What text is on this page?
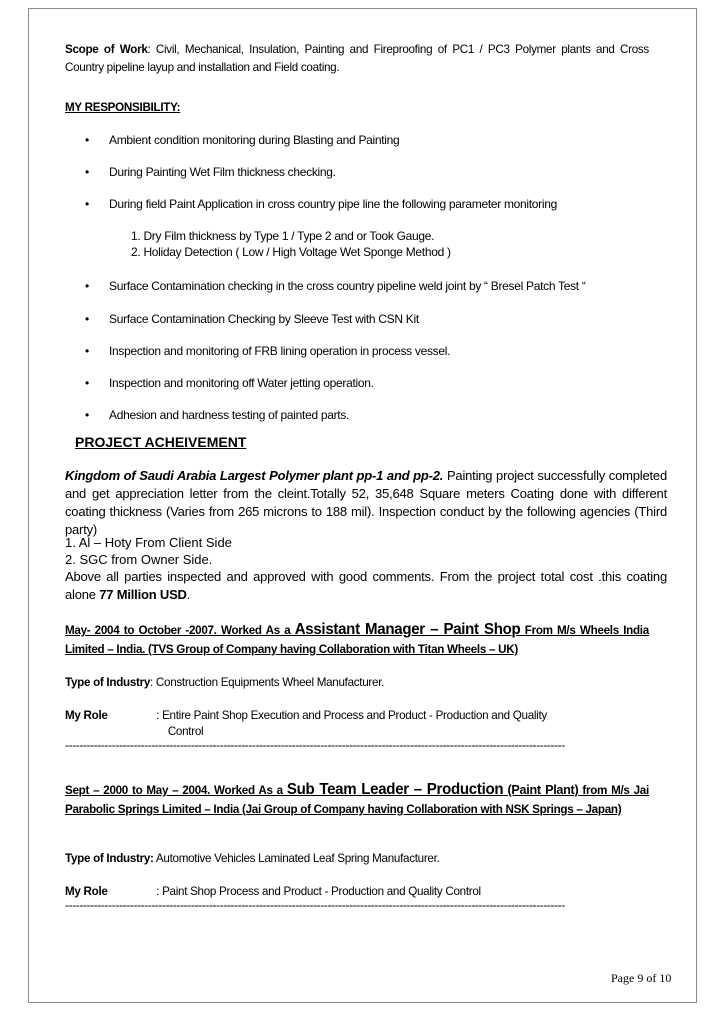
Page 9 of 10

Scope of Work: Civil, Mechanical, Insulation, Painting and Fireproofing of PC1 / PC3 Polymer plants and Cross Country pipeline layup and installation and Field coating.

MY RESPONSIBILITY:

• Ambient condition monitoring during Blasting and Painting
• During Painting Wet Film thickness checking.
• During field Paint Application in cross country pipe line the following parameter monitoring
1. Dry Film thickness by Type 1 / Type 2 and or Took Gauge.
2. Holiday Detection ( Low / High Voltage Wet Sponge Method )
• Surface Contamination checking in the cross country pipeline weld joint by “ Bresel Patch Test “
• Surface Contamination Checking by Sleeve Test with CSN Kit
• Inspection and monitoring of FRB lining operation in process vessel.
• Inspection and monitoring off Water jetting operation.
• Adhesion and hardness testing of painted parts.

PROJECT ACHEIVEMENT

Kingdom of Saudi Arabia Largest Polymer plant pp-1 and pp-2. Painting project successfully completed and get appreciation letter from the cleint.Totally 52, 35,648 Square meters Coating done with different coating thickness (Varies from 265 microns to 188 mil). Inspection conduct by the following agencies (Third party)

1. Al – Hoty From Client Side

2. SGC from Owner Side.

Above all parties inspected and approved with good comments. From the project total cost .this coating alone 77 Million USD.

May- 2004 to October -2007. Worked As a Assistant Manager – Paint Shop From M/s Wheels India Limited – India. (TVS Group of Company having Collaboration with Titan Wheels – UK)

Type of Industry: Construction Equipments Wheel Manufacturer.

My Role	: Entire Paint Shop Execution and Process and Product - Production and Quality
Control
-------------------------------------------------------------------------------------------------------------------------------------------

Sept – 2000 to May – 2004. Worked As a Sub Team Leader – Production (Paint Plant) from M/s Jai Parabolic Springs Limited – India (Jai Group of Company having Collaboration with NSK Springs – Japan)

Type of Industry: Automotive Vehicles Laminated Leaf Spring Manufacturer.

My Role	: Paint Shop Process and Product - Production and Quality Control
-------------------------------------------------------------------------------------------------------------------------------------------
